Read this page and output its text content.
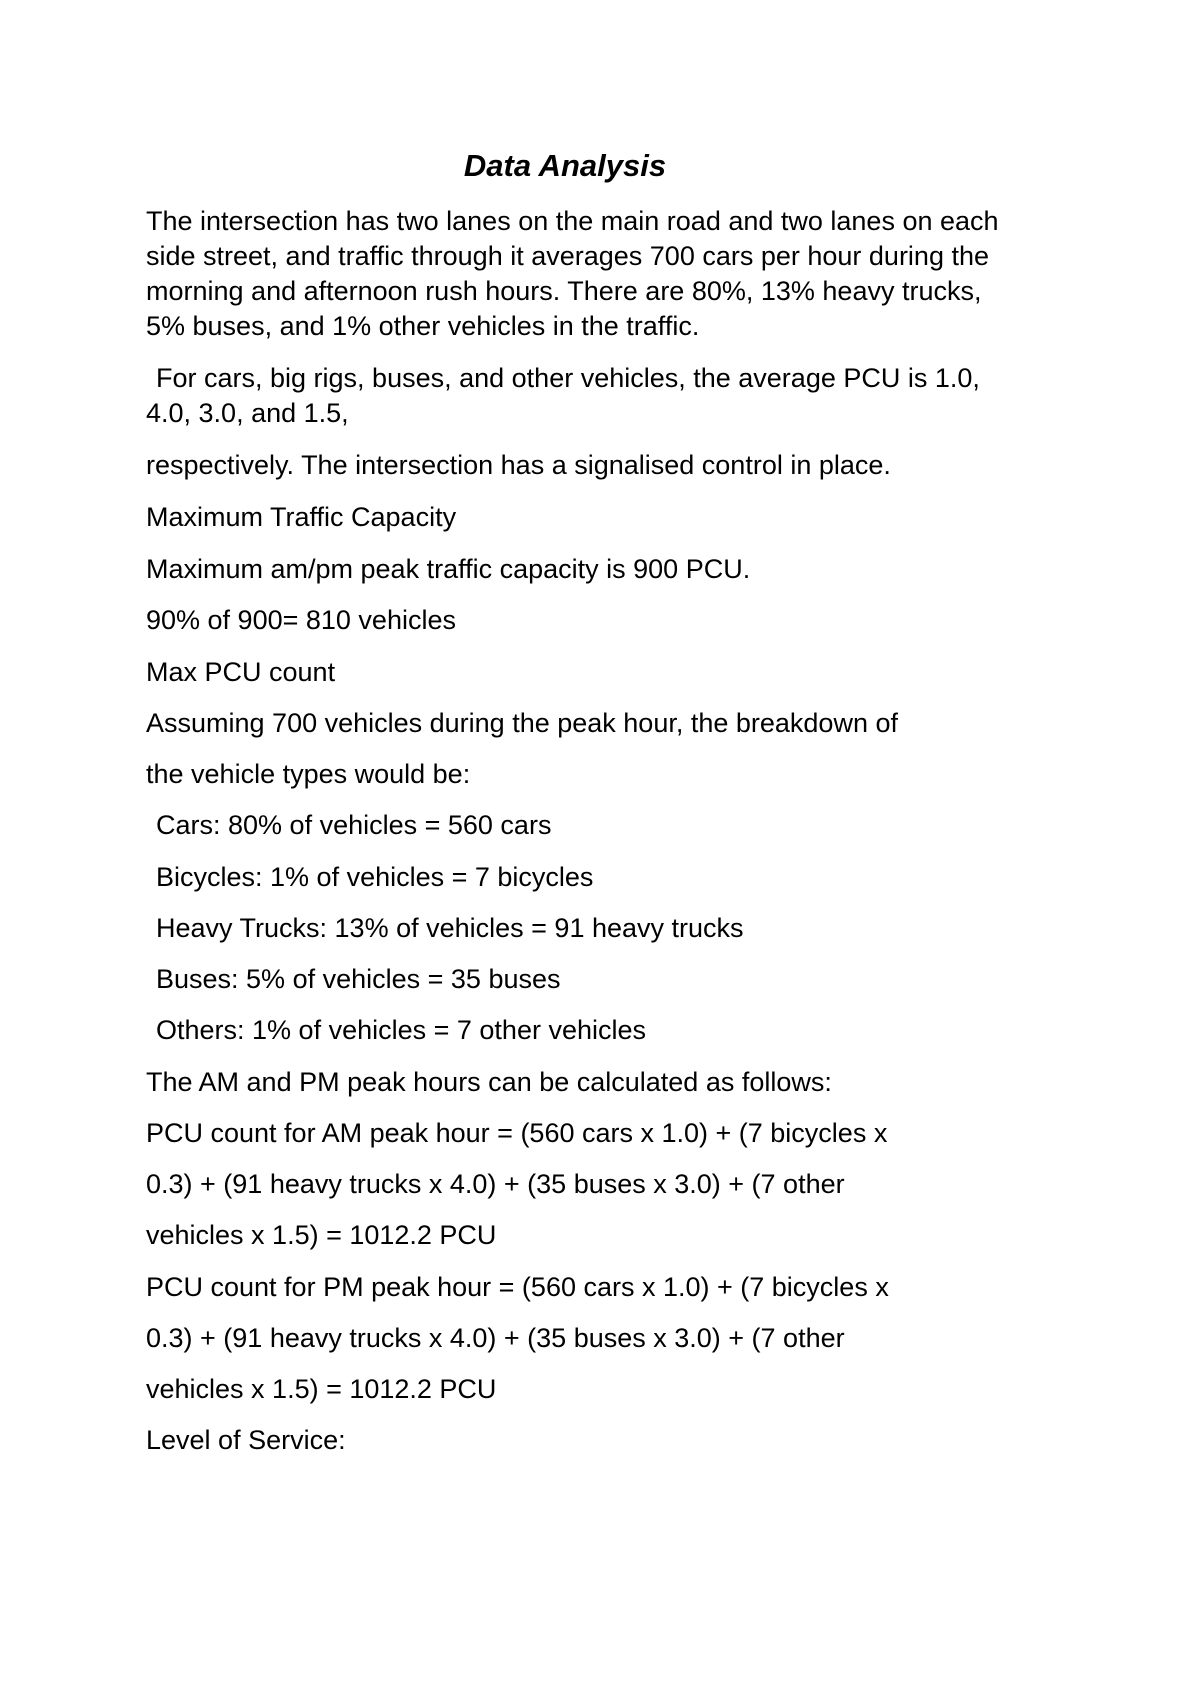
Data Analysis
The intersection has two lanes on the main road and two lanes on each
side street, and traffic through it averages 700 cars per hour during the
morning and afternoon rush hours. There are 80%, 13% heavy trucks,
5% buses, and 1% other vehicles in the traffic.
For cars, big rigs, buses, and other vehicles, the average PCU is 1.0,
4.0, 3.0, and 1.5,
respectively. The intersection has a signalised control in place.
Maximum Traffic Capacity
Maximum am/pm peak traffic capacity is 900 PCU.
90% of 900= 810 vehicles
Max PCU count
Assuming 700 vehicles during the peak hour, the breakdown of
the vehicle types would be:
Cars: 80% of vehicles = 560 cars
Bicycles: 1% of vehicles = 7 bicycles
Heavy Trucks: 13% of vehicles = 91 heavy trucks
Buses: 5% of vehicles = 35 buses
Others: 1% of vehicles = 7 other vehicles
The AM and PM peak hours can be calculated as follows:
PCU count for AM peak hour = (560 cars x 1.0) + (7 bicycles x
0.3) + (91 heavy trucks x 4.0) + (35 buses x 3.0) + (7 other
vehicles x 1.5) = 1012.2 PCU
PCU count for PM peak hour = (560 cars x 1.0) + (7 bicycles x
0.3) + (91 heavy trucks x 4.0) + (35 buses x 3.0) + (7 other
vehicles x 1.5) = 1012.2 PCU
Level of Service:
